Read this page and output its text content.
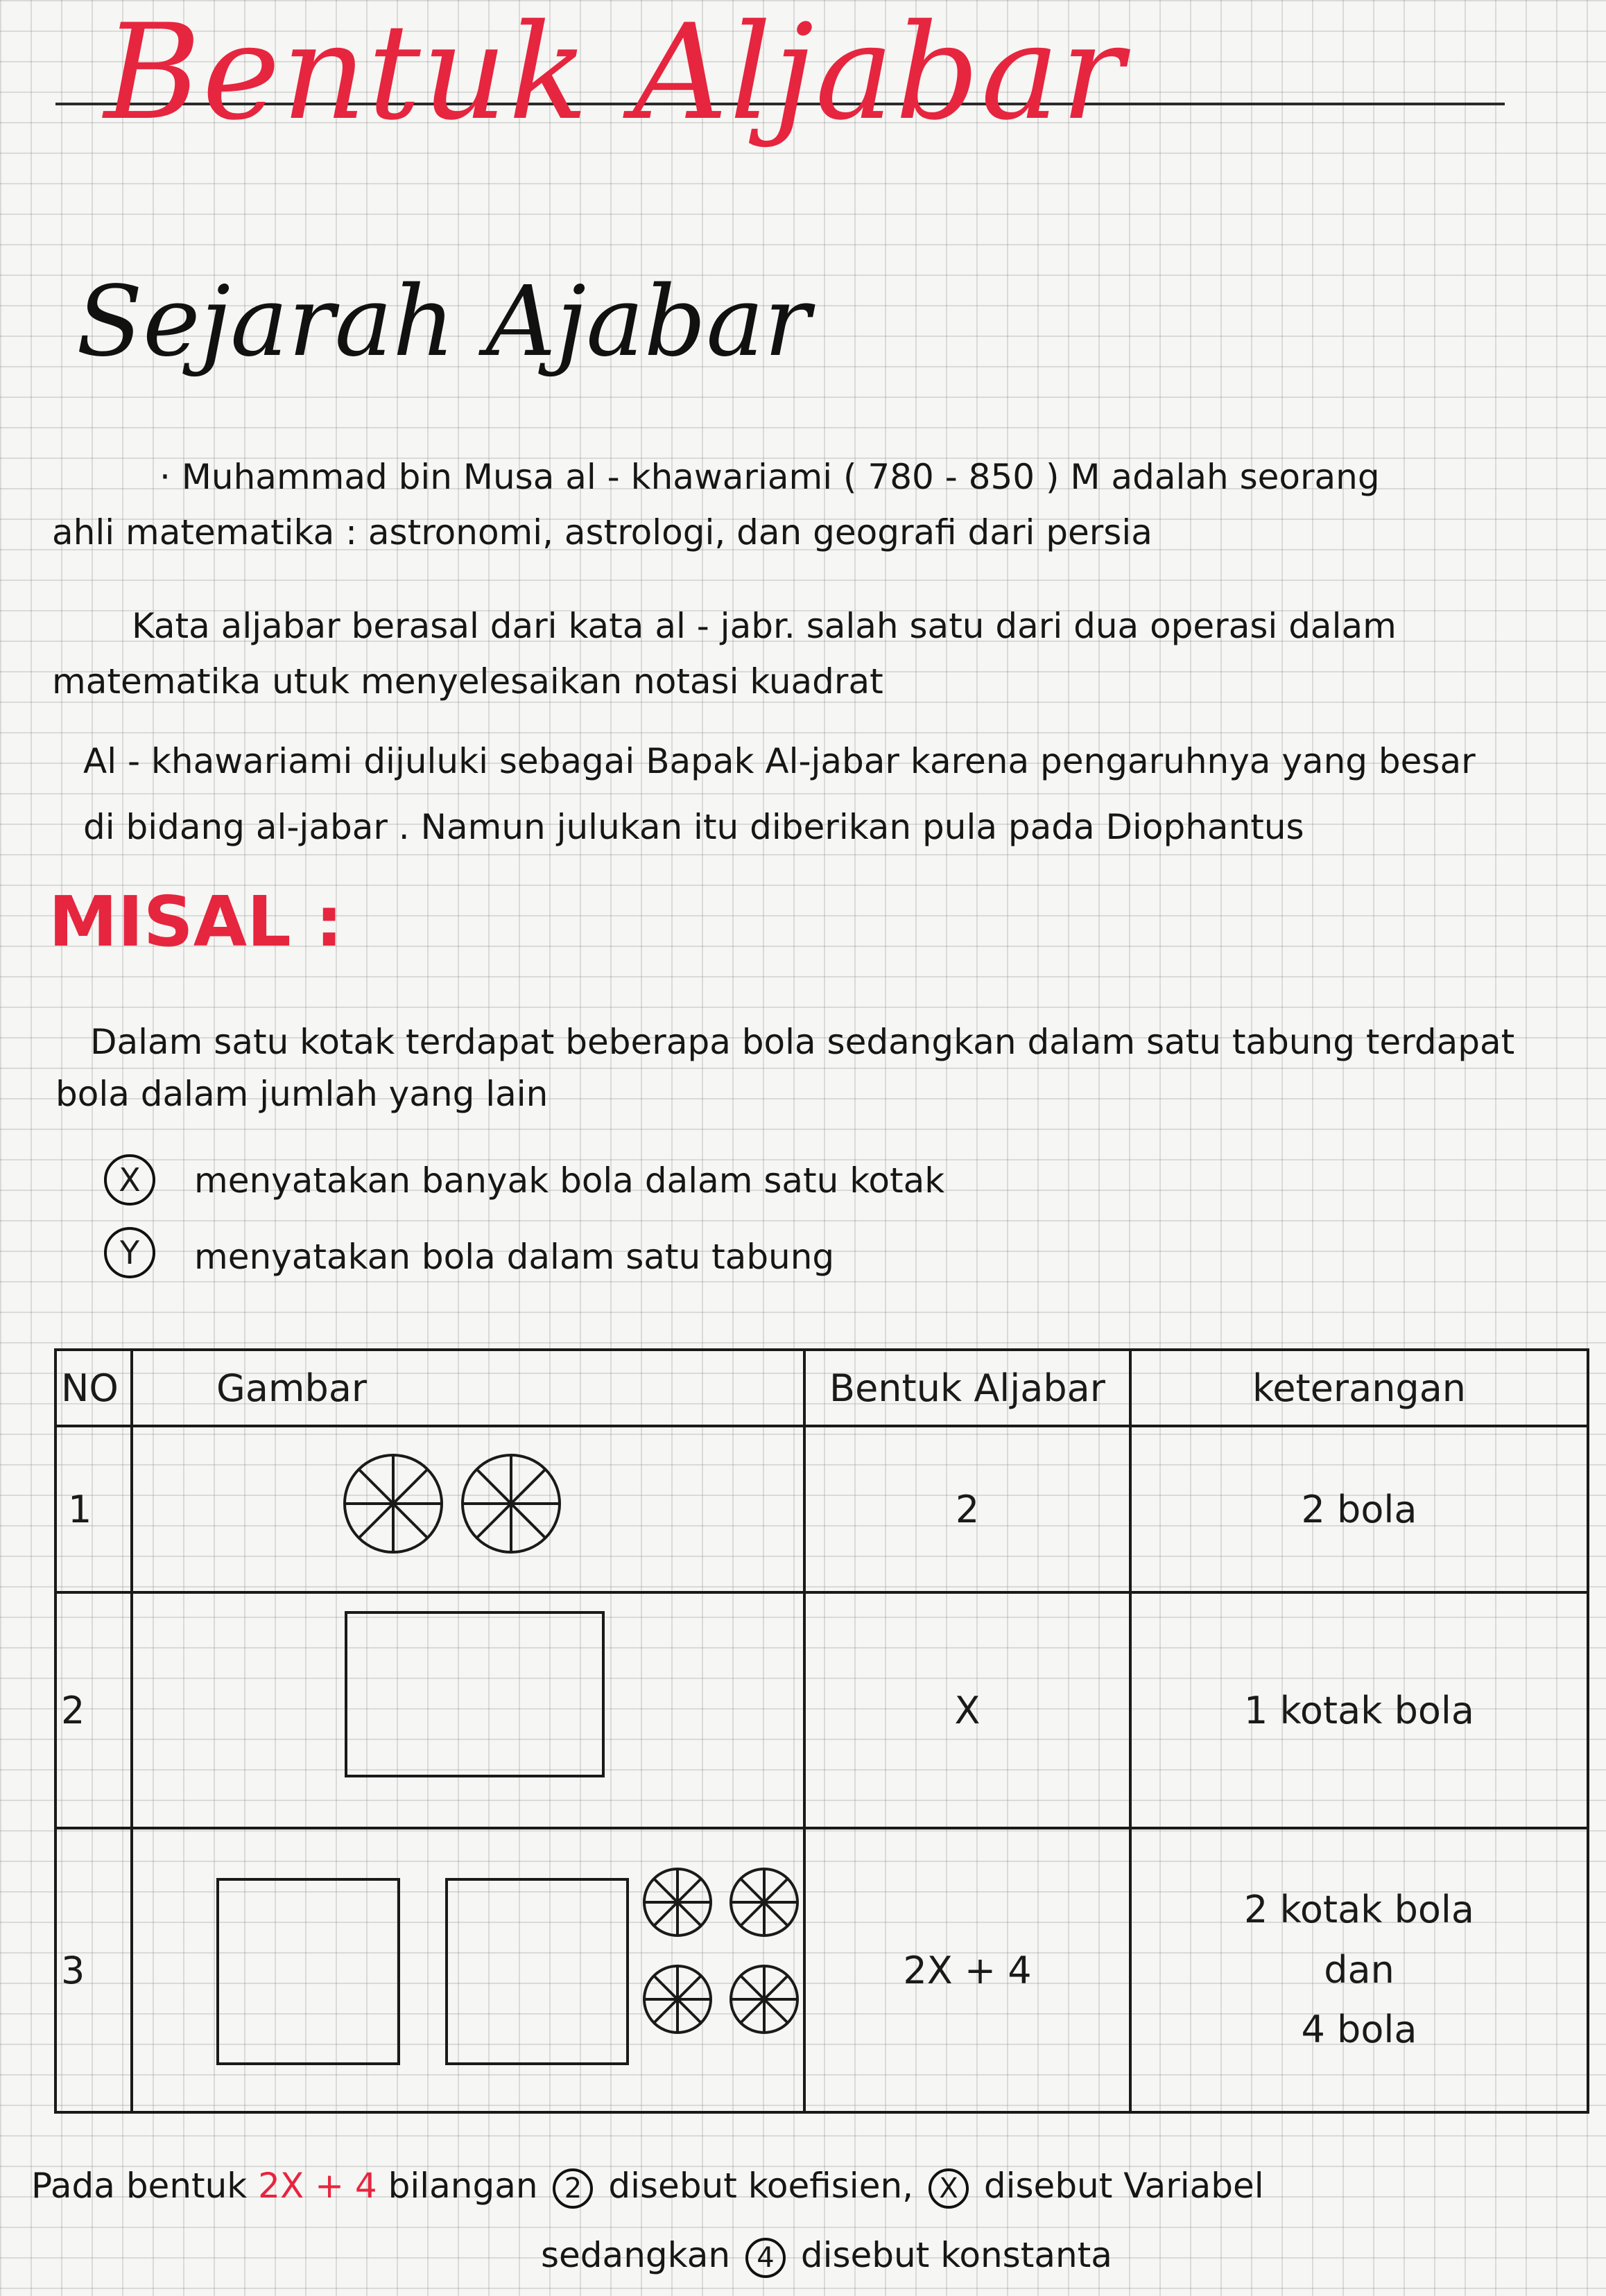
Bentuk Aljabar
Sejarah Ajabar
· Muhammad bin Musa al - khawariami ( 780 - 850 ) M adalah seorang
ahli matematika : astronomi, astrologi, dan geografi dari persia
Kata aljabar berasal dari kata al - jabr. salah satu dari dua operasi dalam
matematika utuk menyelesaikan notasi kuadrat
Al - khawariami dijuluki sebagai Bapak Al-jabar karena pengaruhnya yang besar
di bidang al-jabar . Namun julukan itu diberikan pula pada Diophantus
MISAL :
Dalam satu kotak terdapat beberapa bola sedangkan dalam satu tabung terdapat
bola dalam jumlah yang lain
X	menyatakan banyak bola dalam satu kotak
Y	menyatakan bola dalam satu tabung
NO	Gambar	Bentuk Aljabar	keterangan
1		2	2 bola
2		X	1 kotak bola
3		2X + 4	2 kotak bola
dan
4 bola
Pada bentuk 2X + 4 bilangan 2 disebut koefisien, X disebut Variabel
sedangkan 4 disebut konstanta
